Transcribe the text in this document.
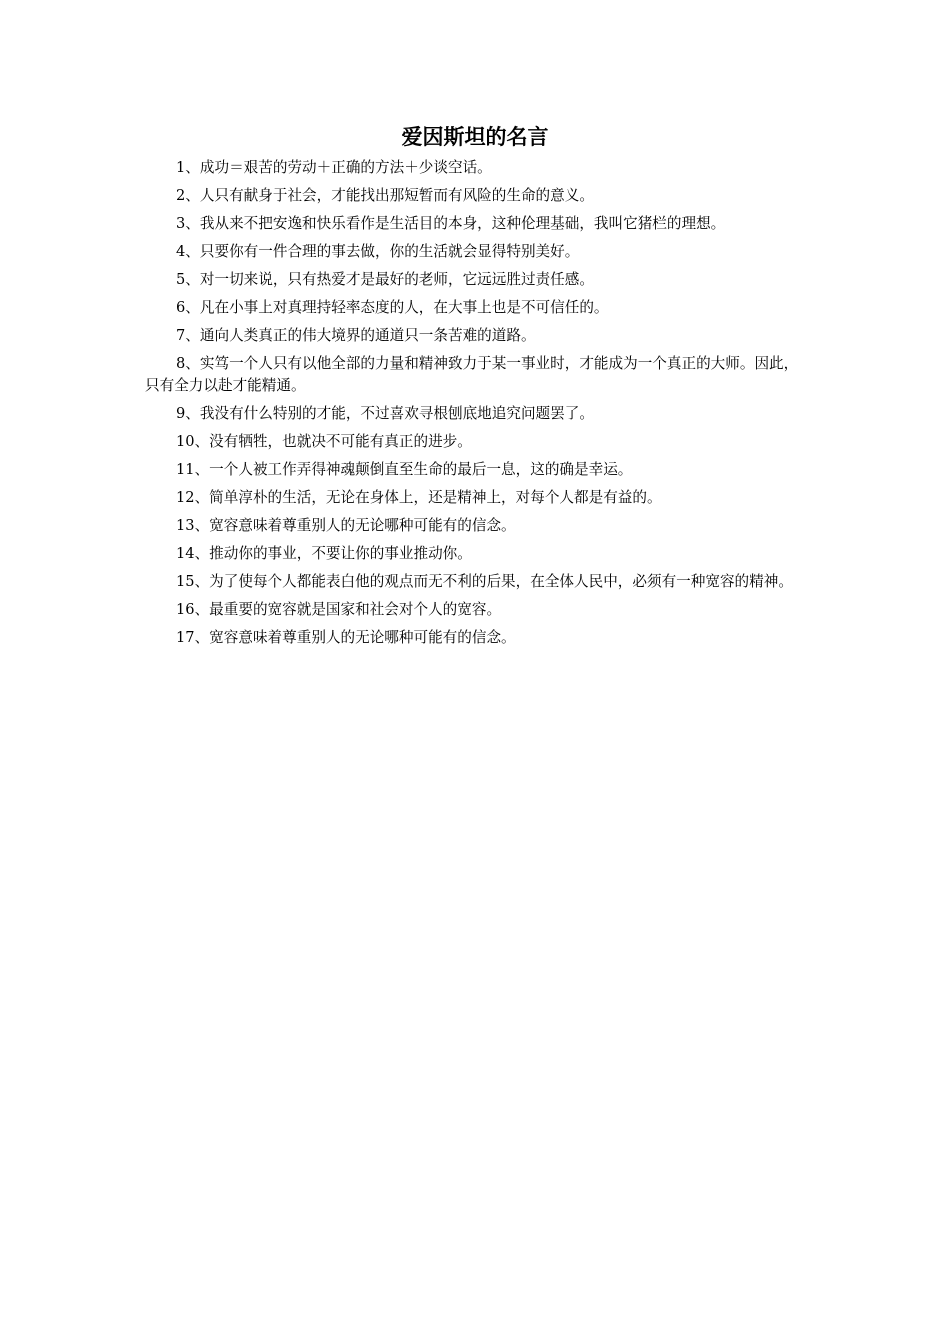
爱因斯坦的名言
1、成功＝艰苦的劳动＋正确的方法＋少谈空话。
2、人只有献身于社会，才能找出那短暂而有风险的生命的意义。
3、我从来不把安逸和快乐看作是生活目的本身，这种伦理基础，我叫它猪栏的理想。
4、只要你有一件合理的事去做，你的生活就会显得特别美好。
5、对一切来说，只有热爱才是最好的老师，它远远胜过责任感。
6、凡在小事上对真理持轻率态度的人，在大事上也是不可信任的。
7、通向人类真正的伟大境界的通道只一条苦难的道路。
8、实笃一个人只有以他全部的力量和精神致力于某一事业时，才能成为一个真正的大师。因此，只有全力以赴才能精通。
9、我没有什么特别的才能，不过喜欢寻根刨底地追究问题罢了。
10、没有牺牲，也就决不可能有真正的进步。
11、一个人被工作弄得神魂颠倒直至生命的最后一息，这的确是幸运。
12、简单淳朴的生活，无论在身体上，还是精神上，对每个人都是有益的。
13、宽容意味着尊重别人的无论哪种可能有的信念。
14、推动你的事业，不要让你的事业推动你。
15、为了使每个人都能表白他的观点而无不利的后果，在全体人民中，必须有一种宽容的精神。
16、最重要的宽容就是国家和社会对个人的宽容。
17、宽容意味着尊重别人的无论哪种可能有的信念。
